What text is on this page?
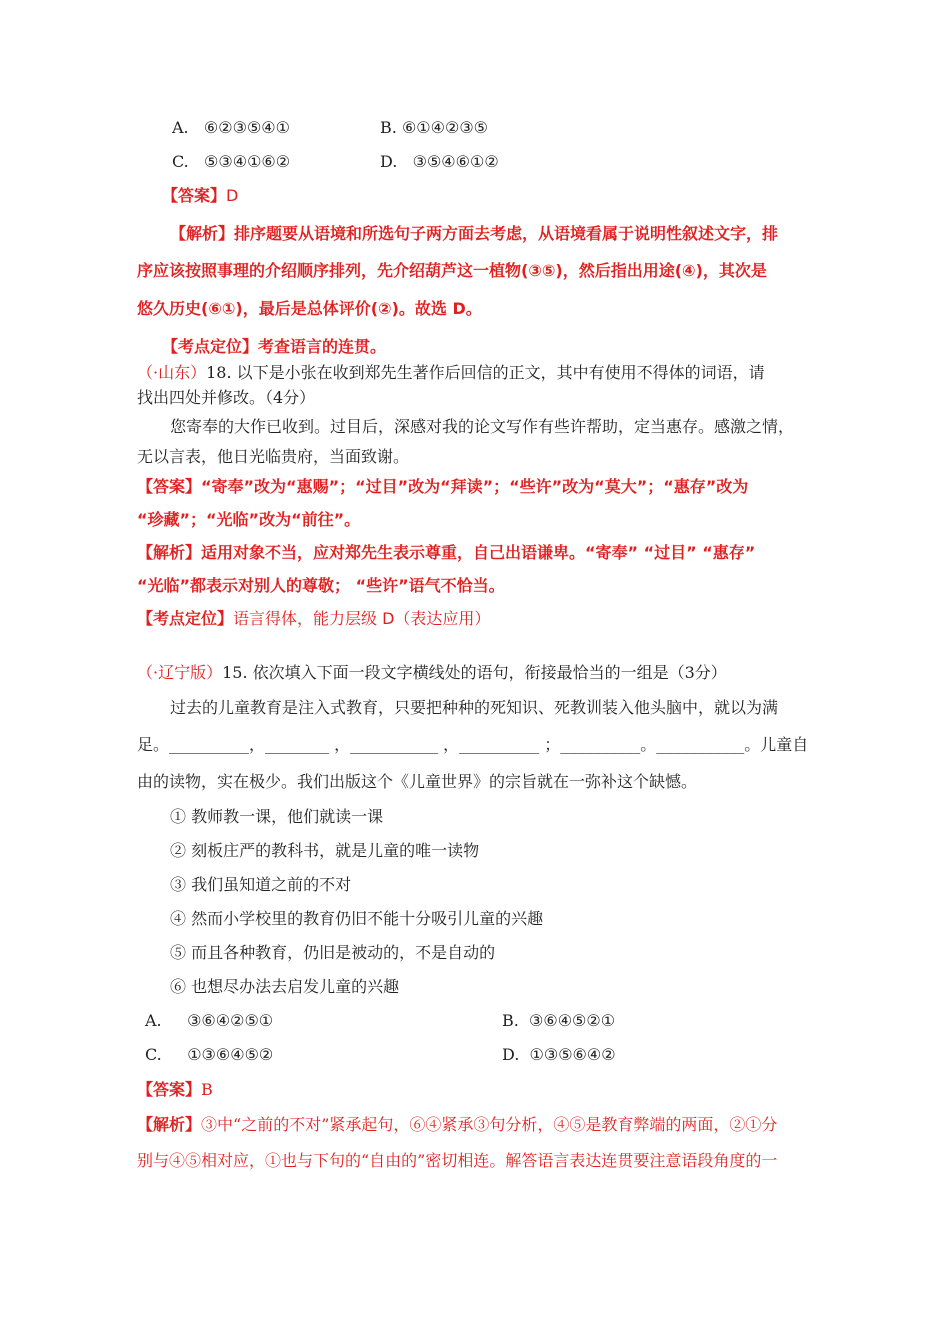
A. ⑥②③⑤④①	B. ⑥①④②③⑤
C. ⑤③④①⑥②	D. ③⑤④⑥①②
【答案】D
【解析】排序题要从语境和所选句子两方面去考虑，从语境看属于说明性叙述文字，排
序应该按照事理的介绍顺序排列，先介绍葫芦这一植物(③⑤)，然后指出用途(④)，其次是
悠久历史(⑥①)，最后是总体评价(②)。故选 D。
【考点定位】考查语言的连贯。
（·山东）18. 以下是小张在收到郑先生著作后回信的正文，其中有使用不得体的词语，请
找出四处并修改。（4分）
您寄奉的大作已收到。过目后，深感对我的论文写作有些许帮助，定当惠存。感激之情，
无以言表，他日光临贵府，当面致谢。
【答案】“寄奉”改为“惠赐”；“过目”改为“拜读”；“些许”改为“莫大”；“惠存”改为
“珍藏”；“光临”改为“前往”。
【解析】适用对象不当，应对郑先生表示尊重，自己出语谦卑。“寄奉” “过目” “惠存”
“光临”都表示对别人的尊敬； “些许”语气不恰当。
【考点定位】语言得体，能力层级 D（表达应用）
（·辽宁版）15. 依次填入下面一段文字横线处的语句，衔接最恰当的一组是（3分）
过去的儿童教育是注入式教育，只要把种种的死知识、死教训装入他头脑中，就以为满
足。__________，________ ，___________ ，__________ ；__________。___________。儿童自
由的读物，实在极少。我们出版这个《儿童世界》的宗旨就在一弥补这个缺憾。
① 教师教一课，他们就读一课
② 刻板庄严的教科书，就是儿童的唯一读物
③ 我们虽知道之前的不对
④ 然而小学校里的教育仍旧不能十分吸引儿童的兴趣
⑤ 而且各种教育，仍旧是被动的，不是自动的
⑥ 也想尽办法去启发儿童的兴趣
A. ③⑥④②⑤①	B. ③⑥④⑤②①
C. ①③⑥④⑤②	D. ①③⑤⑥④②
【答案】B
【解析】③中“之前的不对”紧承起句，⑥④紧承③句分析，④⑤是教育弊端的两面，②①分
别与④⑤相对应，①也与下句的“自由的”密切相连。解答语言表达连贯要注意语段角度的一
